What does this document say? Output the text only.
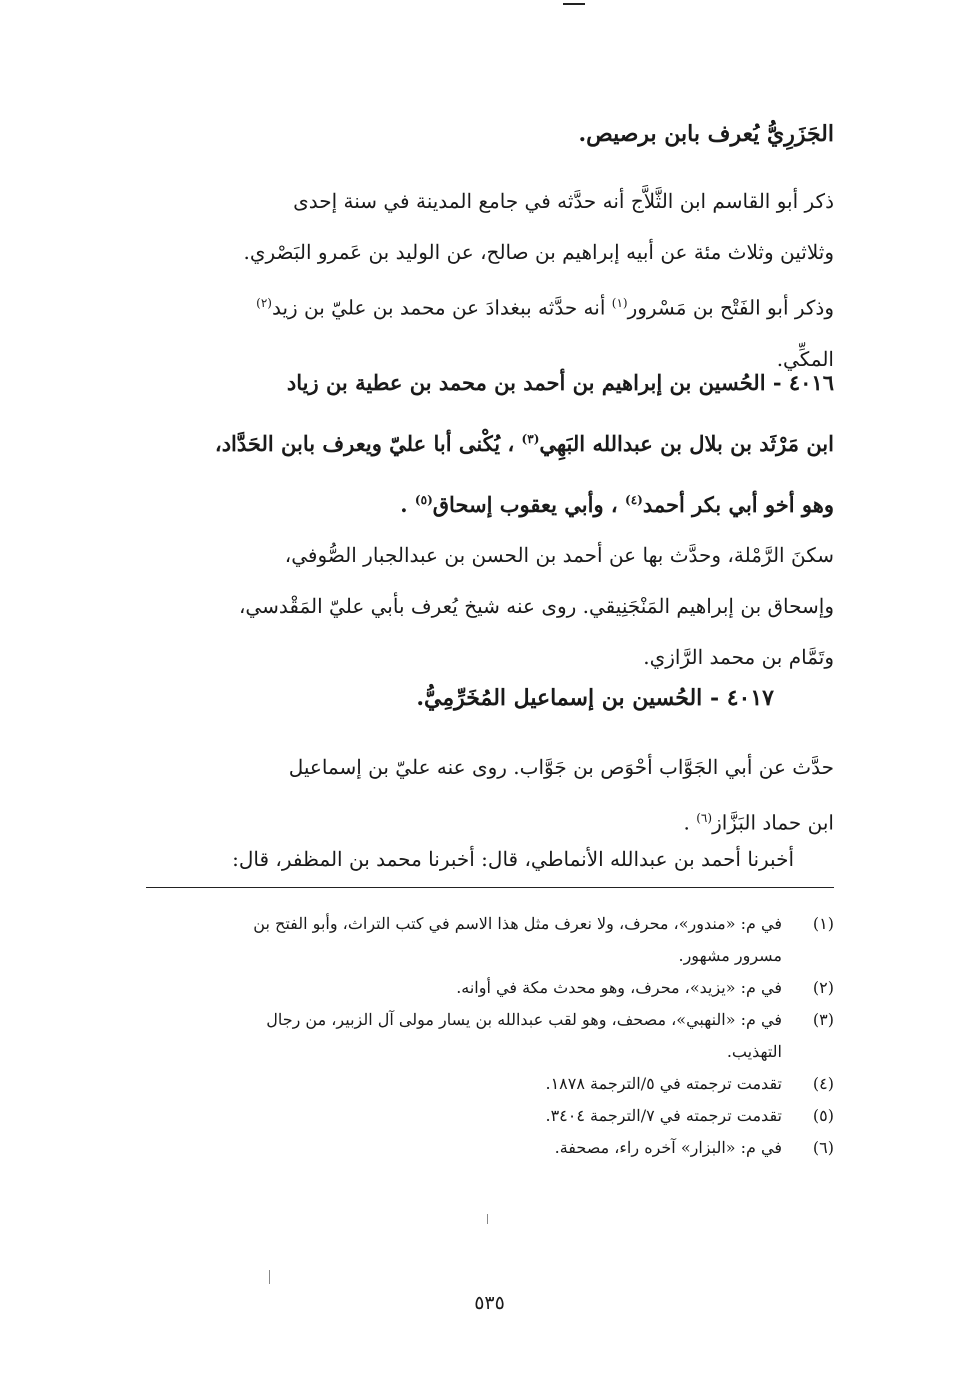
الجَزَرِيُّ يُعرف بابن برصيص.
ذكر أبو القاسم ابن الثَّلاَّج أنه حدَّثه في جامع المدينة في سنة إحدى
وثلاثين وثلاث مئة عن أبيه إبراهيم بن صالح، عن الوليد بن عَمرو البَصْري.
وذكر أبو الفَتْح بن مَسْرور$^{(١)}$ أنه حدَّثه ببغدادَ عن محمد بن عليّ بن زيد$^{(٢)}$
المكِّي.
٤٠١٦ - الحُسين بن إبراهيم بن أحمد بن محمد بن عطية بن زياد
ابن مَرْثَد بن بلال بن عبدالله البَهِي$^{(٣)}$ ، يُكْنى أبا عليّ ويعرف بابن الحَدَّاد،
وهو أخو أبي بكر أحمد$^{(٤)}$ ، وأبي يعقوب إسحاق$^{(٥)}$ .
سكنَ الرَّمْلة، وحدَّث بها عن أحمد بن الحسن بن عبدالجبار الصُّوفي،
وإسحاق بن إبراهيم المَنْجَنِيقي. روى عنه شيخ يُعرف بأبي عليّ المَقْدسي،
وتَمَّام بن محمد الرَّازي.
٤٠١٧ - الحُسين بن إسماعيل المُخَرِّمِيُّ.
حدَّث عن أبي الجَوَّاب أحْوَص بن جَوَّاب. روى عنه عليّ بن إسماعيل
ابن حماد البَزَّاز$^{(٦)}$ .
أخبرنا أحمد بن عبدالله الأنماطي، قال: أخبرنا محمد بن المظفر، قال:
(١)
في م: «مندور»، محرف، ولا نعرف مثل هذا الاسم في كتب التراث، وأبو الفتح بن
مسرور مشهور.
(٢)
في م: «يزيد»، محرف، وهو محدث مكة في أوانه.
(٣)
في م: «النهبي»، مصحف، وهو لقب عبدالله بن يسار مولى آل الزبير، من رجال
التهذيب.
(٤)
تقدمت ترجمته في ٥/الترجمة ١٨٧٨.
(٥)
تقدمت ترجمته في ٧/الترجمة ٣٤٠٤.
(٦)
في م: «البزار» آخره راء، مصحفة.
٥٣٥
